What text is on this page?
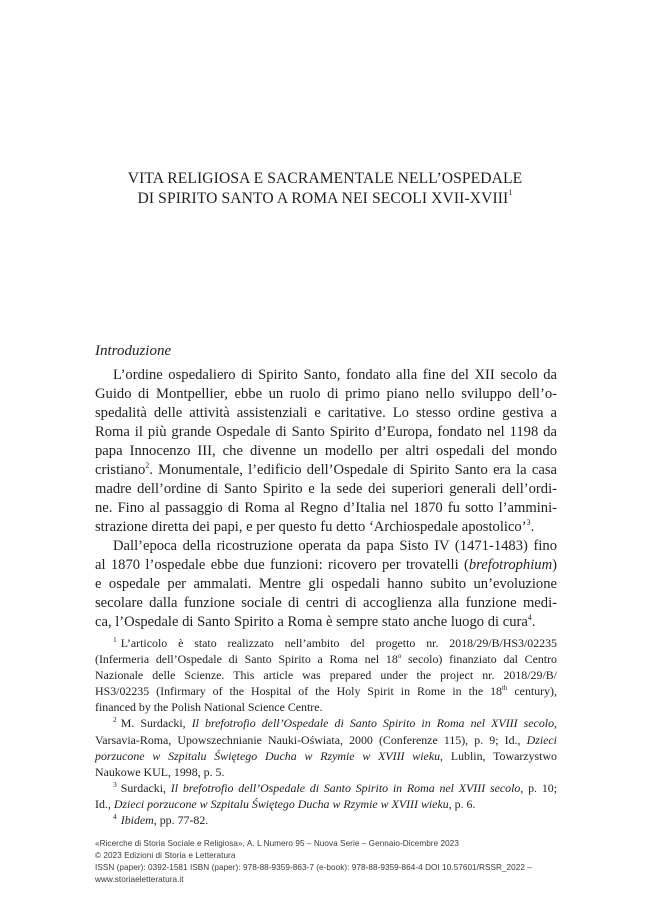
VITA RELIGIOSA E SACRAMENTALE NELL’OSPEDALE
DI SPIRITO SANTO A ROMA NEI SECOLI XVII-XVIII$^1$
Introduzione
L’ordine ospedaliero di Spirito Santo, fondato alla fine del XII secolo da
Guido di Montpellier, ebbe un ruolo di primo piano nello sviluppo dell’o-
spedalità delle attività assistenziali e caritative. Lo stesso ordine gestiva a
Roma il più grande Ospedale di Santo Spirito d’Europa, fondato nel 1198 da
papa Innocenzo III, che divenne un modello per altri ospedali del mondo
cristiano$^2$. Monumentale, l’edificio dell’Ospedale di Spirito Santo era la casa
madre dell’ordine di Santo Spirito e la sede dei superiori generali dell’ordi-
ne. Fino al passaggio di Roma al Regno d’Italia nel 1870 fu sotto l’ammini-
strazione diretta dei papi, e per questo fu detto ‘Archiospedale apostolico’$^3$.
Dall’epoca della ricostruzione operata da papa Sisto IV (1471-1483) fino
al 1870 l’ospedale ebbe due funzioni: ricovero per trovatelli (brefotrophium)
e ospedale per ammalati. Mentre gli ospedali hanno subito un’evoluzione
secolare dalla funzione sociale di centri di accoglienza alla funzione medi-
ca, l’Ospedale di Santo Spirito a Roma è sempre stato anche luogo di cura$^4$.
$^1$ L’articolo è stato realizzato nell’ambito del progetto nr. 2018/29/B/HS3/02235
(Infermeria dell’Ospedale di Santo Spirito a Roma nel 18$^o$ secolo) finanziato dal Centro
Nazionale delle Scienze. This article was prepared under the project nr. 2018/29/B/
HS3/02235 (Infirmary of the Hospital of the Holy Spirit in Rome in the 18th century),
financed by the Polish National Science Centre.
$^2$ M. Surdacki, Il brefotrofio dell’Ospedale di Santo Spirito in Roma nel XVIII secolo,
Varsavia-Roma, Upowszechnianie Nauki-Oświata, 2000 (Conferenze 115), p. 9; Id., Dzieci
porzucone w Szpitalu Świętego Ducha w Rzymie w XVIII wieku, Lublin, Towarzystwo
Naukowe KUL, 1998, p. 5.
$^3$ Surdacki, Il brefotrofio dell’Ospedale di Santo Spirito in Roma nel XVIII secolo, p. 10;
Id., Dzieci porzucone w Szpitalu Świętego Ducha w Rzymie w XVIII wieku, p. 6.
$^4$ Ibidem, pp. 77-82.
«Ricerche di Storia Sociale e Religiosa», A. L Numero 95 – Nuova Serie – Gennaio-Dicembre 2023
© 2023 Edizioni di Storia e Letteratura
ISSN (paper): 0392-1581 ISBN (paper): 978-88-9359-863-7 (e-book): 978-88-9359-864-4 DOI 10.57601/RSSR_2022 –
www.storiaeletteratura.it
